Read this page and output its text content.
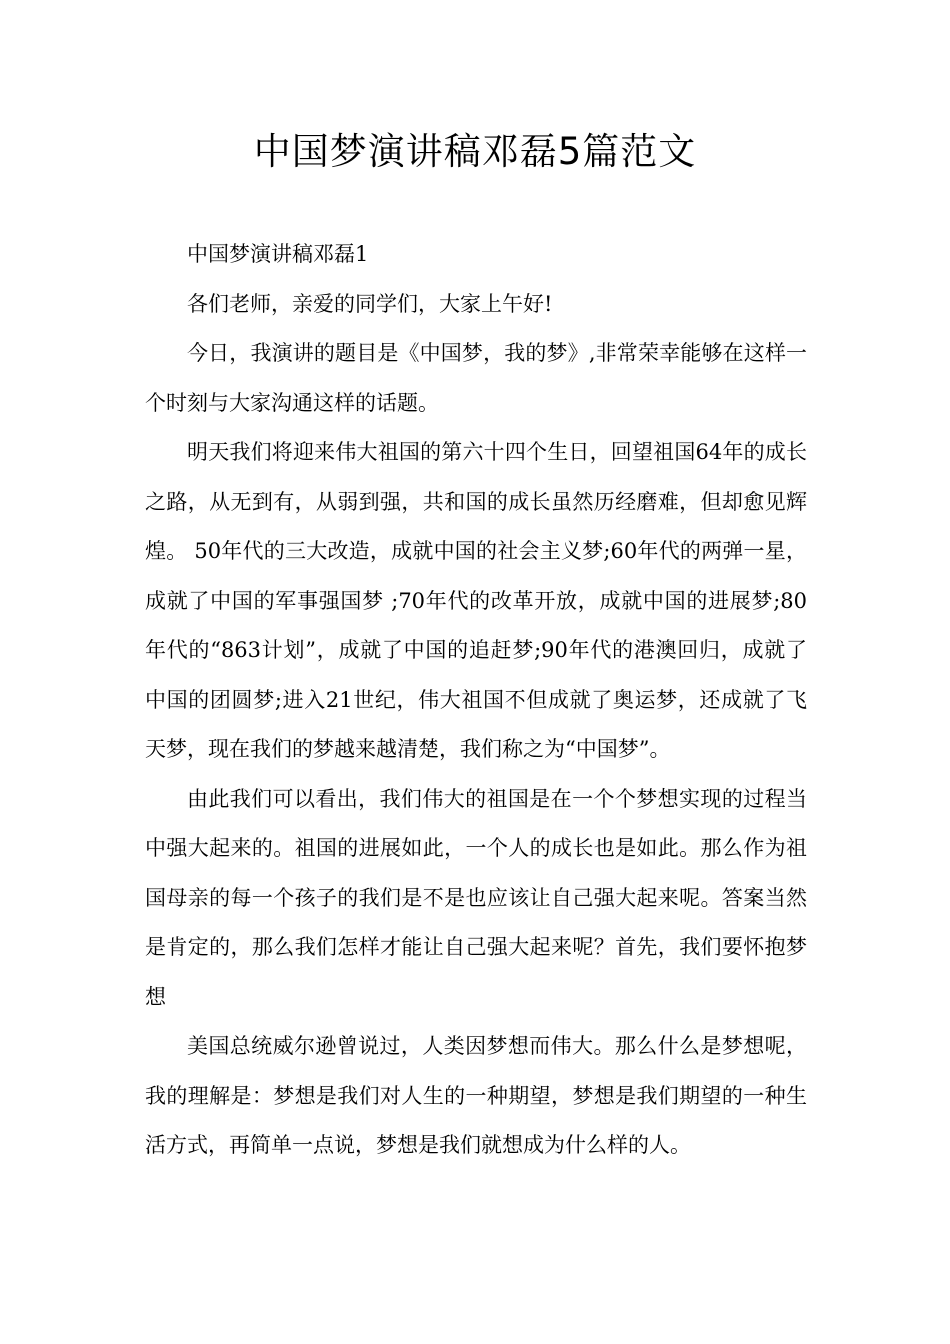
中国梦演讲稿邓磊5篇范文

中国梦演讲稿邓磊1

各们老师，亲爱的同学们，大家上午好!

今日，我演讲的题目是《中国梦，我的梦》,非常荣幸能够在这样一个时刻与大家沟通这样的话题。

明天我们将迎来伟大祖国的第六十四个生日，回望祖国64年的成长之路，从无到有，从弱到强，共和国的成长虽然历经磨难，但却愈见辉煌。 50年代的三大改造，成就中国的社会主义梦;60年代的两弹一星，成就了中国的军事强国梦 ;70年代的改革开放，成就中国的进展梦;80年代的“863计划”，成就了中国的追赶梦;90年代的港澳回归，成就了中国的团圆梦;进入21世纪，伟大祖国不但成就了奥运梦，还成就了飞天梦，现在我们的梦越来越清楚，我们称之为“中国梦”。

由此我们可以看出，我们伟大的祖国是在一个个梦想实现的过程当中强大起来的。祖国的进展如此，一个人的成长也是如此。那么作为祖国母亲的每一个孩子的我们是不是也应该让自己强大起来呢。答案当然是肯定的，那么我们怎样才能让自己强大起来呢？首先，我们要怀抱梦想

美国总统威尔逊曾说过，人类因梦想而伟大。那么什么是梦想呢，我的理解是：梦想是我们对人生的一种期望，梦想是我们期望的一种生活方式，再简单一点说，梦想是我们就想成为什么样的人。
